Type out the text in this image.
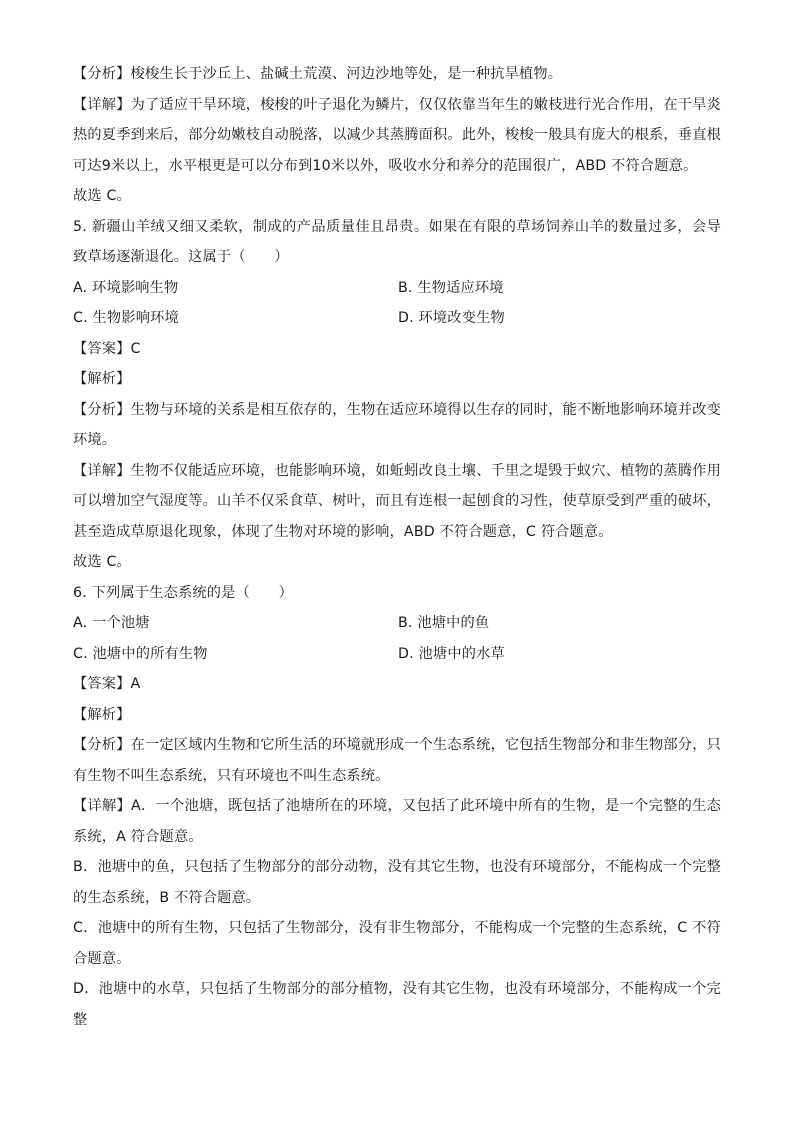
【分析】梭梭生长于沙丘上、盐碱土荒漠、河边沙地等处，是一种抗旱植物。

【详解】为了适应干旱环境，梭梭的叶子退化为鳞片，仅仅依靠当年生的嫩枝进行光合作用，在干旱炎热的夏季到来后，部分幼嫩枝自动脱落，以减少其蒸腾面积。此外，梭梭一般具有庞大的根系，垂直根可达9米以上，水平根更是可以分布到10米以外，吸收水分和养分的范围很广，ABD 不符合题意。

故选 C。

5. 新疆山羊绒又细又柔软，制成的产品质量佳且昂贵。如果在有限的草场饲养山羊的数量过多，会导致草场逐渐退化。这属于（　　）

A. 环境影响生物	B. 生物适应环境
C. 生物影响环境	D. 环境改变生物

【答案】C

【解析】

【分析】生物与环境的关系是相互依存的，生物在适应环境得以生存的同时，能不断地影响环境并改变环境。

【详解】生物不仅能适应环境，也能影响环境，如蚯蚓改良土壤、千里之堤毁于蚁穴、植物的蒸腾作用可以增加空气湿度等。山羊不仅采食草、树叶，而且有连根一起刨食的习性，使草原受到严重的破坏，甚至造成草原退化现象，体现了生物对环境的影响，ABD 不符合题意，C 符合题意。

故选 C。

6. 下列属于生态系统的是（　　）

A. 一个池塘	B. 池塘中的鱼
C. 池塘中的所有生物	D. 池塘中的水草

【答案】A

【解析】

【分析】在一定区域内生物和它所生活的环境就形成一个生态系统，它包括生物部分和非生物部分，只有生物不叫生态系统，只有环境也不叫生态系统。

【详解】A．一个池塘，既包括了池塘所在的环境，又包括了此环境中所有的生物，是一个完整的生态系统，A 符合题意。

B．池塘中的鱼，只包括了生物部分的部分动物，没有其它生物，也没有环境部分，不能构成一个完整的生态系统，B 不符合题意。

C．池塘中的所有生物，只包括了生物部分，没有非生物部分，不能构成一个完整的生态系统，C 不符合题意。

D．池塘中的水草，只包括了生物部分的部分植物，没有其它生物，也没有环境部分，不能构成一个完整
